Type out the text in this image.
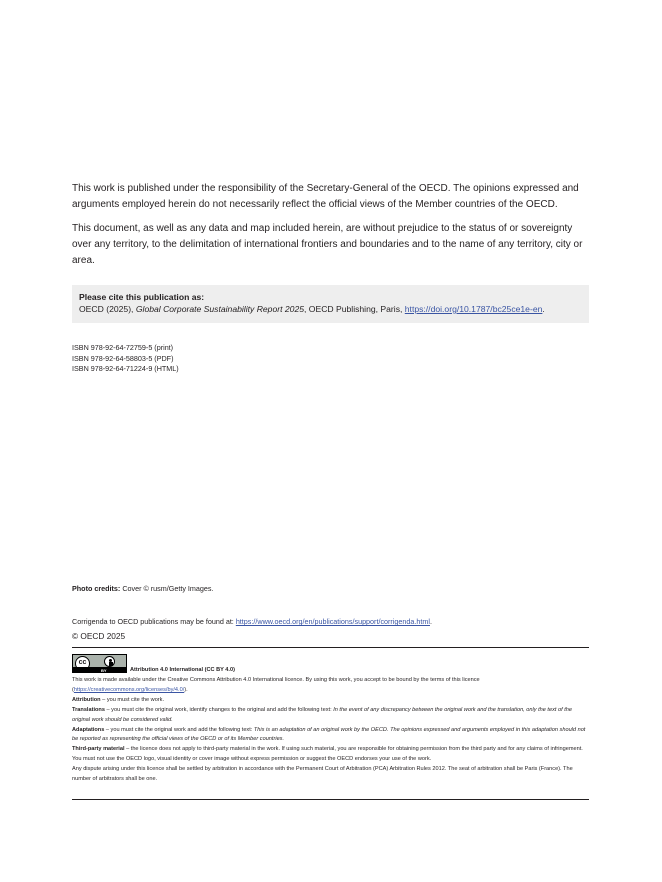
This work is published under the responsibility of the Secretary-General of the OECD. The opinions expressed and arguments employed herein do not necessarily reflect the official views of the Member countries of the OECD.
This document, as well as any data and map included herein, are without prejudice to the status of or sovereignty over any territory, to the delimitation of international frontiers and boundaries and to the name of any territory, city or area.
Please cite this publication as:
OECD (2025), Global Corporate Sustainability Report 2025, OECD Publishing, Paris, https://doi.org/10.1787/bc25ce1e-en.
ISBN 978-92-64-72759-5 (print)
ISBN 978-92-64-58803-5 (PDF)
ISBN 978-92-64-71224-9 (HTML)
Photo credits: Cover © rusm/Getty Images.
Corrigenda to OECD publications may be found at: https://www.oecd.org/en/publications/support/corrigenda.html.
© OECD 2025
cc
BY	Attribution 4.0 International (CC BY 4.0)

This work is made available under the Creative Commons Attribution 4.0 International licence. By using this work, you accept to be bound by the terms of this licence (https://creativecommons.org/licenses/by/4.0/).

Attribution – you must cite the work.

Translations – you must cite the original work, identify changes to the original and add the following text: In the event of any discrepancy between the original work and the translation, only the text of the original work should be considered valid.

Adaptations – you must cite the original work and add the following text: This is an adaptation of an original work by the OECD. The opinions expressed and arguments employed in this adaptation should not be reported as representing the official views of the OECD or of its Member countries.

Third-party material – the licence does not apply to third-party material in the work. If using such material, you are responsible for obtaining permission from the third party and for any claims of infringement.

You must not use the OECD logo, visual identity or cover image without express permission or suggest the OECD endorses your use of the work.

Any dispute arising under this licence shall be settled by arbitration in accordance with the Permanent Court of Arbitration (PCA) Arbitration Rules 2012. The seat of arbitration shall be Paris (France). The number of arbitrators shall be one.
